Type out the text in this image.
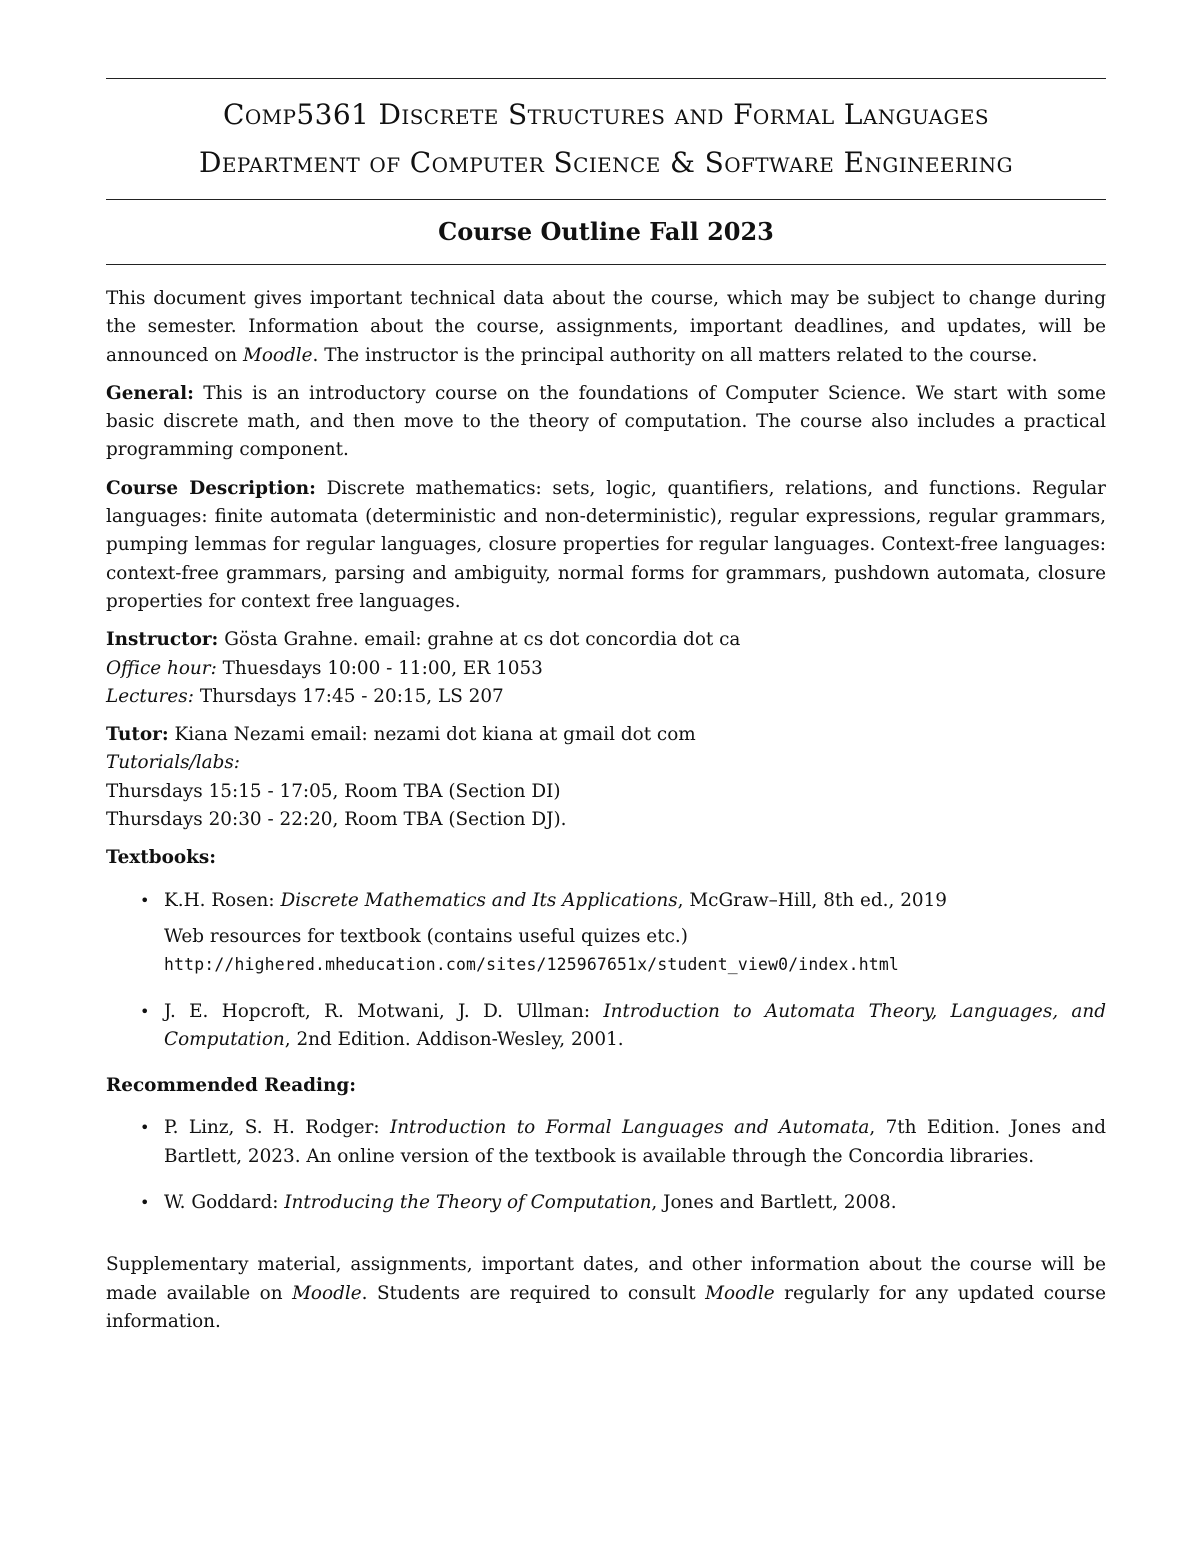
Comp5361 Discrete Structures and Formal Languages
Department of Computer Science & Software Engineering
Course Outline Fall 2023

This document gives important technical data about the course, which may be subject to change during the semester. Information about the course, assignments, important deadlines, and updates, will be announced on Moodle. The instructor is the principal authority on all matters related to the course.

General: This is an introductory course on the foundations of Computer Science. We start with some basic discrete math, and then move to the theory of computation. The course also includes a practical programming component.

Course Description: Discrete mathematics: sets, logic, quantifiers, relations, and functions. Regular languages: finite automata (deterministic and non-deterministic), regular expressions, regular grammars, pumping lemmas for regular languages, closure properties for regular languages. Context-free languages: context-free grammars, parsing and ambiguity, normal forms for grammars, pushdown automata, closure properties for context free languages.

Instructor: Gösta Grahne. email: grahne at cs dot concordia dot ca
Office hour: Thuesdays 10:00 - 11:00, ER 1053
Lectures: Thursdays 17:45 - 20:15, LS 207
Tutor: Kiana Nezami email: nezami dot kiana at gmail dot com
Tutorials/labs:
Thursdays 15:15 - 17:05, Room TBA (Section DI)
Thursdays 20:30 - 22:20, Room TBA (Section DJ).
Textbooks:
• K.H. Rosen: Discrete Mathematics and Its Applications, McGraw–Hill, 8th ed., 2019
Web resources for textbook (contains useful quizes etc.)
http://highered.mheducation.com/sites/125967651x/student_view0/index.html
• J. E. Hopcroft, R. Motwani, J. D. Ullman: Introduction to Automata Theory, Languages, and Computation, 2nd Edition. Addison-Wesley, 2001.
Recommended Reading:
• P. Linz, S. H. Rodger: Introduction to Formal Languages and Automata, 7th Edition. Jones and Bartlett, 2023. An online version of the textbook is available through the Concordia libraries.
• W. Goddard: Introducing the Theory of Computation, Jones and Bartlett, 2008.

Supplementary material, assignments, important dates, and other information about the course will be made available on Moodle. Students are required to consult Moodle regularly for any updated course information.
